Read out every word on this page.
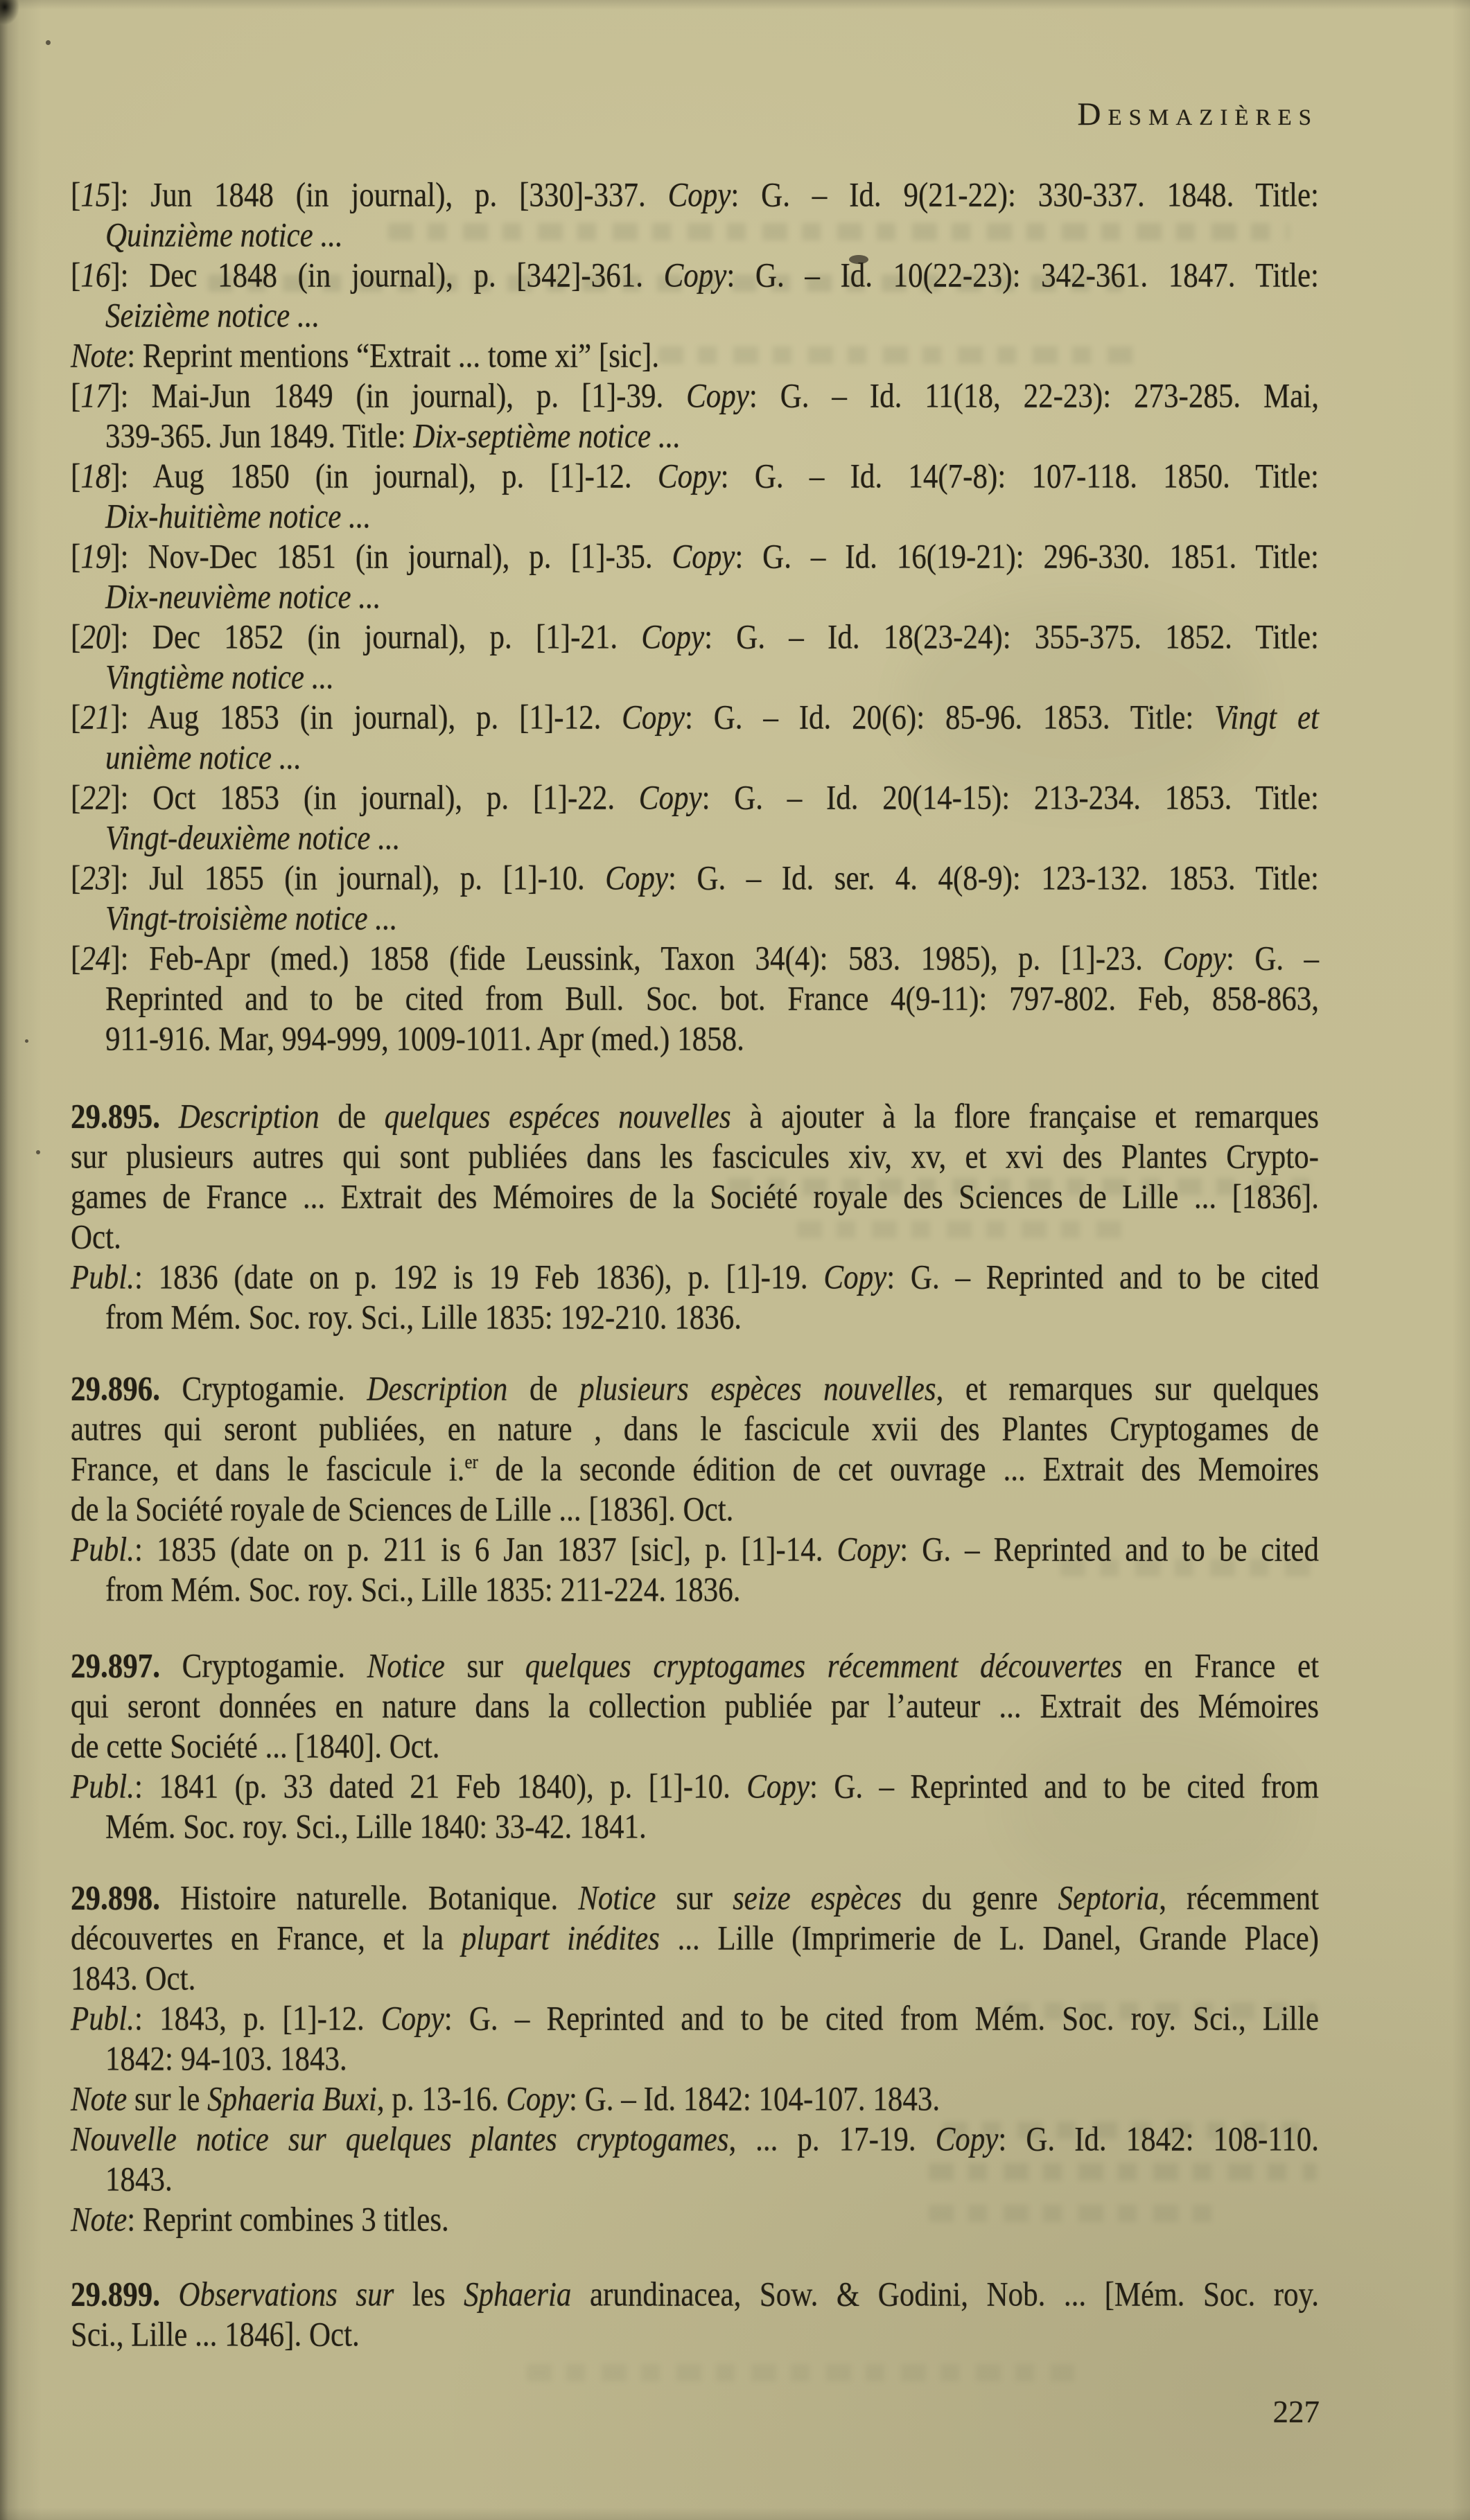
Desmazières
[15]: Jun 1848 (in journal), p. [330]-337. Copy: G. – Id. 9(21-22): 330-337. 1848. Title:
Quinzième notice ...
[16]: Dec 1848 (in journal), p. [342]-361. Copy: G. – Id. 10(22-23): 342-361. 1847. Title:
Seizième notice ...
Note: Reprint mentions “Extrait ... tome xi” [sic].
[17]: Mai-Jun 1849 (in journal), p. [1]-39. Copy: G. – Id. 11(18, 22-23): 273-285. Mai,
339-365. Jun 1849. Title: Dix-septième notice ...
[18]: Aug 1850 (in journal), p. [1]-12. Copy: G. – Id. 14(7-8): 107-118. 1850. Title:
Dix-huitième notice ...
[19]: Nov-Dec 1851 (in journal), p. [1]-35. Copy: G. – Id. 16(19-21): 296-330. 1851. Title:
Dix-neuvième notice ...
[20]: Dec 1852 (in journal), p. [1]-21. Copy: G. – Id. 18(23-24): 355-375. 1852. Title:
Vingtième notice ...
[21]: Aug 1853 (in journal), p. [1]-12. Copy: G. – Id. 20(6): 85-96. 1853. Title: Vingt et
unième notice ...
[22]: Oct 1853 (in journal), p. [1]-22. Copy: G. – Id. 20(14-15): 213-234. 1853. Title:
Vingt-deuxième notice ...
[23]: Jul 1855 (in journal), p. [1]-10. Copy: G. – Id. ser. 4. 4(8-9): 123-132. 1853. Title:
Vingt-troisième notice ...
[24]: Feb-Apr (med.) 1858 (fide Leussink, Taxon 34(4): 583. 1985), p. [1]-23. Copy: G. –
Reprinted and to be cited from Bull. Soc. bot. France 4(9-11): 797-802. Feb, 858-863,
911-916. Mar, 994-999, 1009-1011. Apr (med.) 1858.
29.895. Description de quelques espéces nouvelles à ajouter à la flore française et remarques
sur plusieurs autres qui sont publiées dans les fascicules xiv, xv, et xvi des Plantes Crypto-
games de France ... Extrait des Mémoires de la Société royale des Sciences de Lille ... [1836].
Oct.
Publ.: 1836 (date on p. 192 is 19 Feb 1836), p. [1]-19. Copy: G. – Reprinted and to be cited
from Mém. Soc. roy. Sci., Lille 1835: 192-210. 1836.
29.896. Cryptogamie. Description de plusieurs espèces nouvelles, et remarques sur quelques
autres qui seront publiées, en nature , dans le fascicule xvii des Plantes Cryptogames de
France, et dans le fascicule i.$^{er}$ de la seconde édition de cet ouvrage ... Extrait des Memoires
de la Société royale de Sciences de Lille ... [1836]. Oct.
Publ.: 1835 (date on p. 211 is 6 Jan 1837 [sic], p. [1]-14. Copy: G. – Reprinted and to be cited
from Mém. Soc. roy. Sci., Lille 1835: 211-224. 1836.
29.897. Cryptogamie. Notice sur quelques cryptogames récemment découvertes en France et
qui seront données en nature dans la collection publiée par l’auteur ... Extrait des Mémoires
de cette Société ... [1840]. Oct.
Publ.: 1841 (p. 33 dated 21 Feb 1840), p. [1]-10. Copy: G. – Reprinted and to be cited from
Mém. Soc. roy. Sci., Lille 1840: 33-42. 1841.
29.898. Histoire naturelle. Botanique. Notice sur seize espèces du genre Septoria, récemment
découvertes en France, et la plupart inédites ... Lille (Imprimerie de L. Danel, Grande Place)
1843. Oct.
Publ.: 1843, p. [1]-12. Copy: G. – Reprinted and to be cited from Mém. Soc. roy. Sci., Lille
1842: 94-103. 1843.
Note sur le Sphaeria Buxi, p. 13-16. Copy: G. – Id. 1842: 104-107. 1843.
Nouvelle notice sur quelques plantes cryptogames, ... p. 17-19. Copy: G. Id. 1842: 108-110.
1843.
Note: Reprint combines 3 titles.
29.899. Observations sur les Sphaeria arundinacea, Sow. & Godini, Nob. ... [Mém. Soc. roy.
Sci., Lille ... 1846]. Oct.
227
